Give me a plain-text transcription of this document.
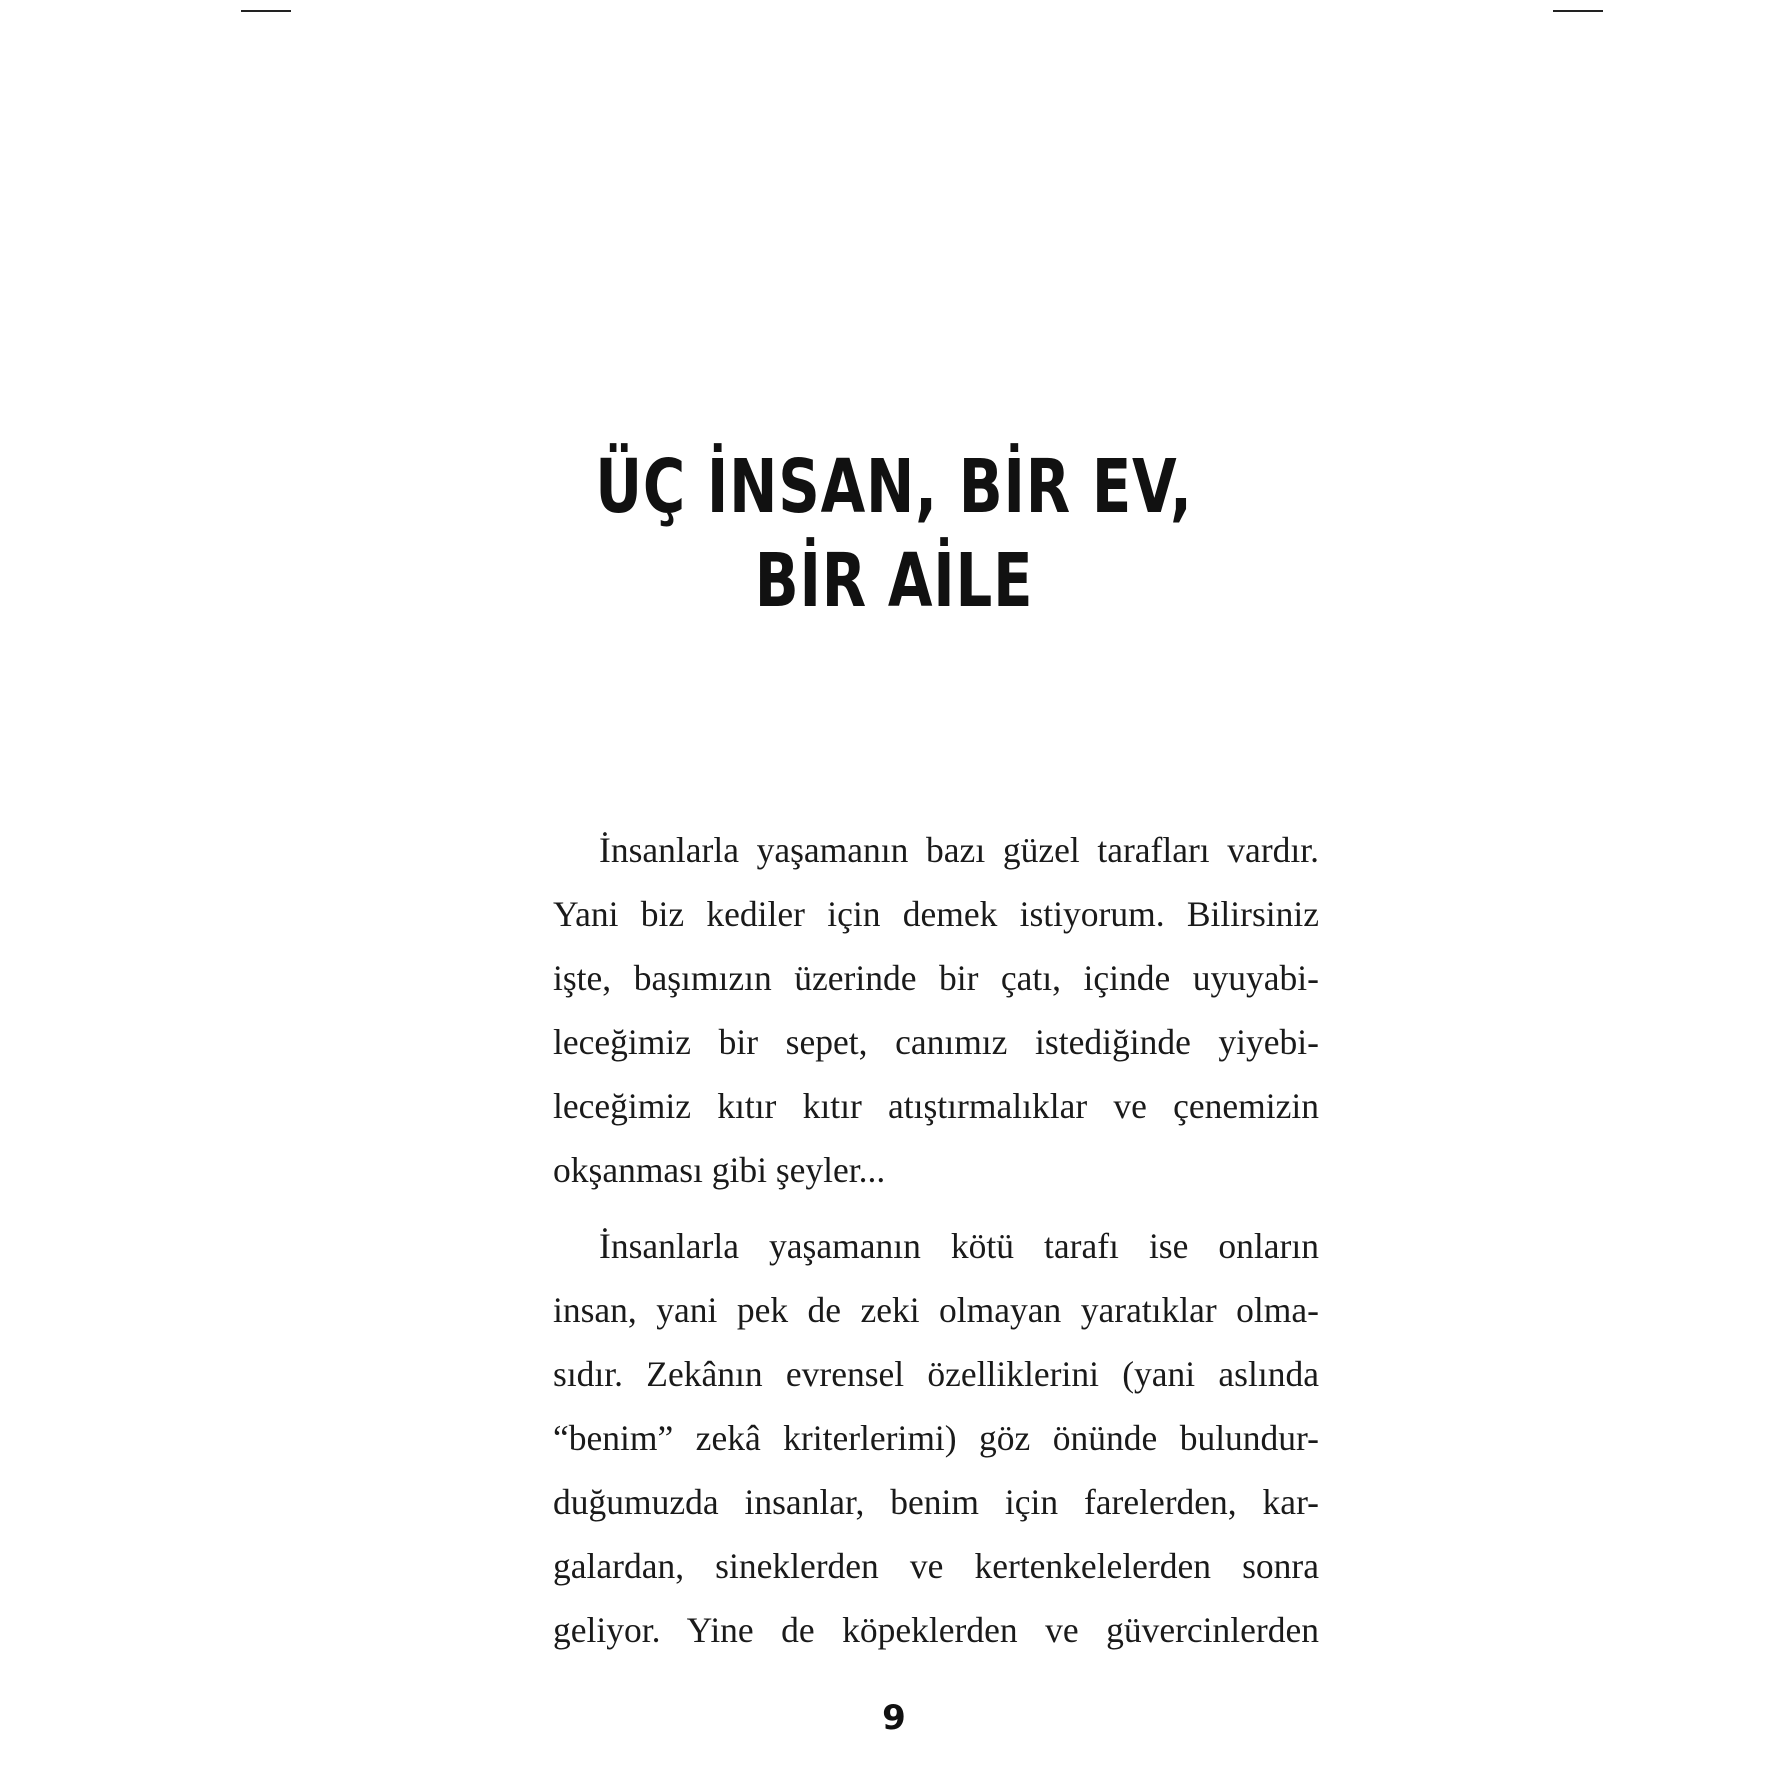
ÜÇ İNSAN, BİR EV,
BİR AİLE

İnsanlarla yaşamanın bazı güzel tarafları vardır.
Yani biz kediler için demek istiyorum. Bilirsiniz
işte, başımızın üzerinde bir çatı, içinde uyuyabi-
leceğimiz bir sepet, canımız istediğinde yiyebi-
leceğimiz kıtır kıtır atıştırmalıklar ve çenemizin
okşanması gibi şeyler...

İnsanlarla yaşamanın kötü tarafı ise onların
insan, yani pek de zeki olmayan yaratıklar olma-
sıdır. Zekânın evrensel özelliklerini (yani aslında
“benim” zekâ kriterlerimi) göz önünde bulundur-
duğumuzda insanlar, benim için farelerden, kar-
galardan, sineklerden ve kertenkelelerden sonra
geliyor. Yine de köpeklerden ve güvercinlerden

9
